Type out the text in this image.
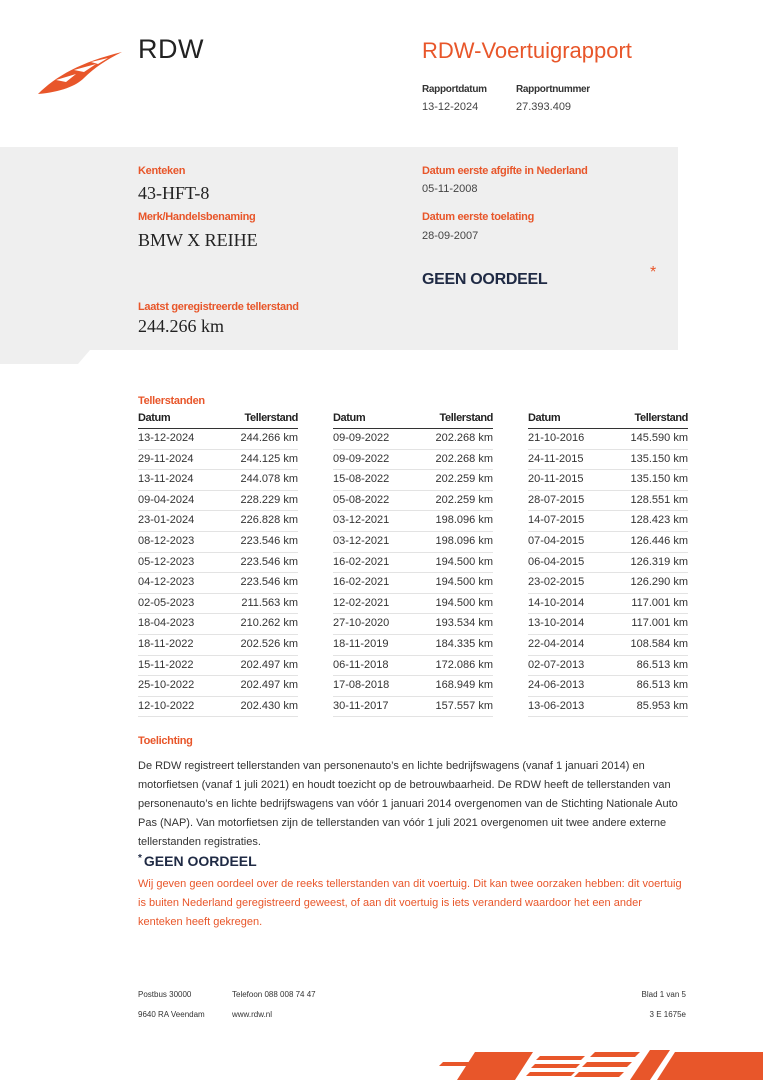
RDW	RDW-Voertuigrapport
Rapportdatum
13-12-2024
Rapportnummer
27.393.409
Kenteken
43-HFT-8
Merk/Handelsbenaming
BMW X REIHE
Laatst geregistreerde tellerstand
244.266 km
Datum eerste afgifte in Nederland
05-11-2008
Datum eerste toelating
28-09-2007
GEEN OORDEEL	*
Tellerstanden
Datum	Tellerstand
13-12-2024	244.266 km
29-11-2024	244.125 km
13-11-2024	244.078 km
09-04-2024	228.229 km
23-01-2024	226.828 km
08-12-2023	223.546 km
05-12-2023	223.546 km
04-12-2023	223.546 km
02-05-2023	211.563 km
18-04-2023	210.262 km
18-11-2022	202.526 km
15-11-2022	202.497 km
25-10-2022	202.497 km
12-10-2022	202.430 km
Datum	Tellerstand
09-09-2022	202.268 km
09-09-2022	202.268 km
15-08-2022	202.259 km
05-08-2022	202.259 km
03-12-2021	198.096 km
03-12-2021	198.096 km
16-02-2021	194.500 km
16-02-2021	194.500 km
12-02-2021	194.500 km
27-10-2020	193.534 km
18-11-2019	184.335 km
06-11-2018	172.086 km
17-08-2018	168.949 km
30-11-2017	157.557 km
Datum	Tellerstand
21-10-2016	145.590 km
24-11-2015	135.150 km
20-11-2015	135.150 km
28-07-2015	128.551 km
14-07-2015	128.423 km
07-04-2015	126.446 km
06-04-2015	126.319 km
23-02-2015	126.290 km
14-10-2014	117.001 km
13-10-2014	117.001 km
22-04-2014	108.584 km
02-07-2013	86.513 km
24-06-2013	86.513 km
13-06-2013	85.953 km
Toelichting
De RDW registreert tellerstanden van personenauto’s en lichte bedrijfswagens (vanaf 1 januari 2014) en motorfietsen (vanaf 1 juli 2021) en houdt toezicht op de betrouwbaarheid. De RDW heeft de tellerstanden van personenauto’s en lichte bedrijfswagens van vóór 1 januari 2014 overgenomen van de Stichting Nationale Auto Pas (NAP). Van motorfietsen zijn de tellerstanden van vóór 1 juli 2021 overgenomen uit twee andere externe tellerstanden registraties.
* GEEN OORDEEL
Wij geven geen oordeel over de reeks tellerstanden van dit voertuig. Dit kan twee oorzaken hebben: dit voertuig is buiten Nederland geregistreerd geweest, of aan dit voertuig is iets veranderd waardoor het een ander kenteken heeft gekregen.
Postbus 30000
9640 RA Veendam
Telefoon 088 008 74 47
www.rdw.nl
Blad 1 van 5
3 E 1675e
